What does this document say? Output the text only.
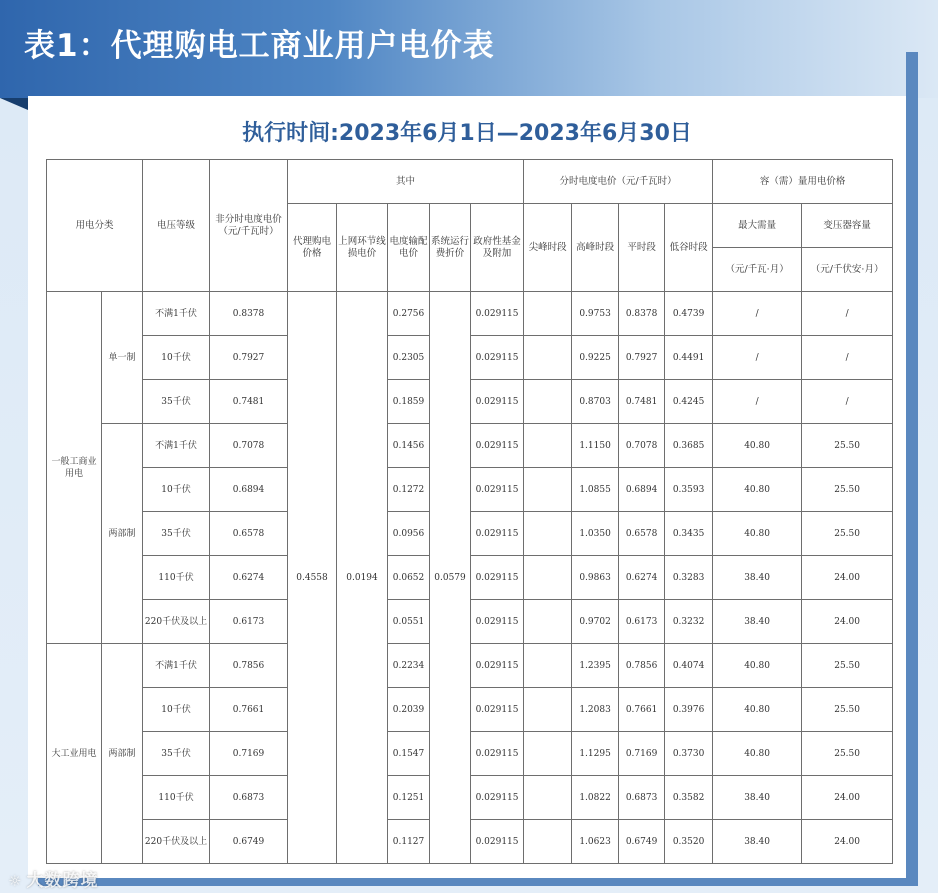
表1：代理购电工商业用户电价表
执行时间:2023年6月1日—2023年6月30日
用电分类		电压等级	非分时电度电价（元/千瓦时）	其中					分时电度电价（元/千瓦时）				容（需）量用电价格	
				代理购电价格	上网环节线损电价	电度输配电价	系统运行费折价	政府性基金及附加	尖峰时段	高峰时段	平时段	低谷时段	最大需量	变压器容量
													（元/千瓦·月）	（元/千伏安·月）
一般工商业用电	单一制	不满1千伏	0.8378	0.4558	0.0194	0.2756	0.0579	0.029115		0.9753	0.8378	0.4739	/	/
		10千伏	0.7927			0.2305		0.029115		0.9225	0.7927	0.4491	/	/
		35千伏	0.7481			0.1859		0.029115		0.8703	0.7481	0.4245	/	/
	两部制	不满1千伏	0.7078			0.1456		0.029115		1.1150	0.7078	0.3685	40.80	25.50
		10千伏	0.6894			0.1272		0.029115		1.0855	0.6894	0.3593	40.80	25.50
		35千伏	0.6578			0.0956		0.029115		1.0350	0.6578	0.3435	40.80	25.50
		110千伏	0.6274			0.0652		0.029115		0.9863	0.6274	0.3283	38.40	24.00
		220千伏及以上	0.6173			0.0551		0.029115		0.9702	0.6173	0.3232	38.40	24.00
大工业用电	两部制	不满1千伏	0.7856			0.2234		0.029115		1.2395	0.7856	0.4074	40.80	25.50
		10千伏	0.7661			0.2039		0.029115		1.2083	0.7661	0.3976	40.80	25.50
		35千伏	0.7169			0.1547		0.029115		1.1295	0.7169	0.3730	40.80	25.50
		110千伏	0.6873			0.1251		0.029115		1.0822	0.6873	0.3582	38.40	24.00
		220千伏及以上	0.6749			0.1127		0.029115		1.0623	0.6749	0.3520	38.40	24.00
☼ 大数跨境
